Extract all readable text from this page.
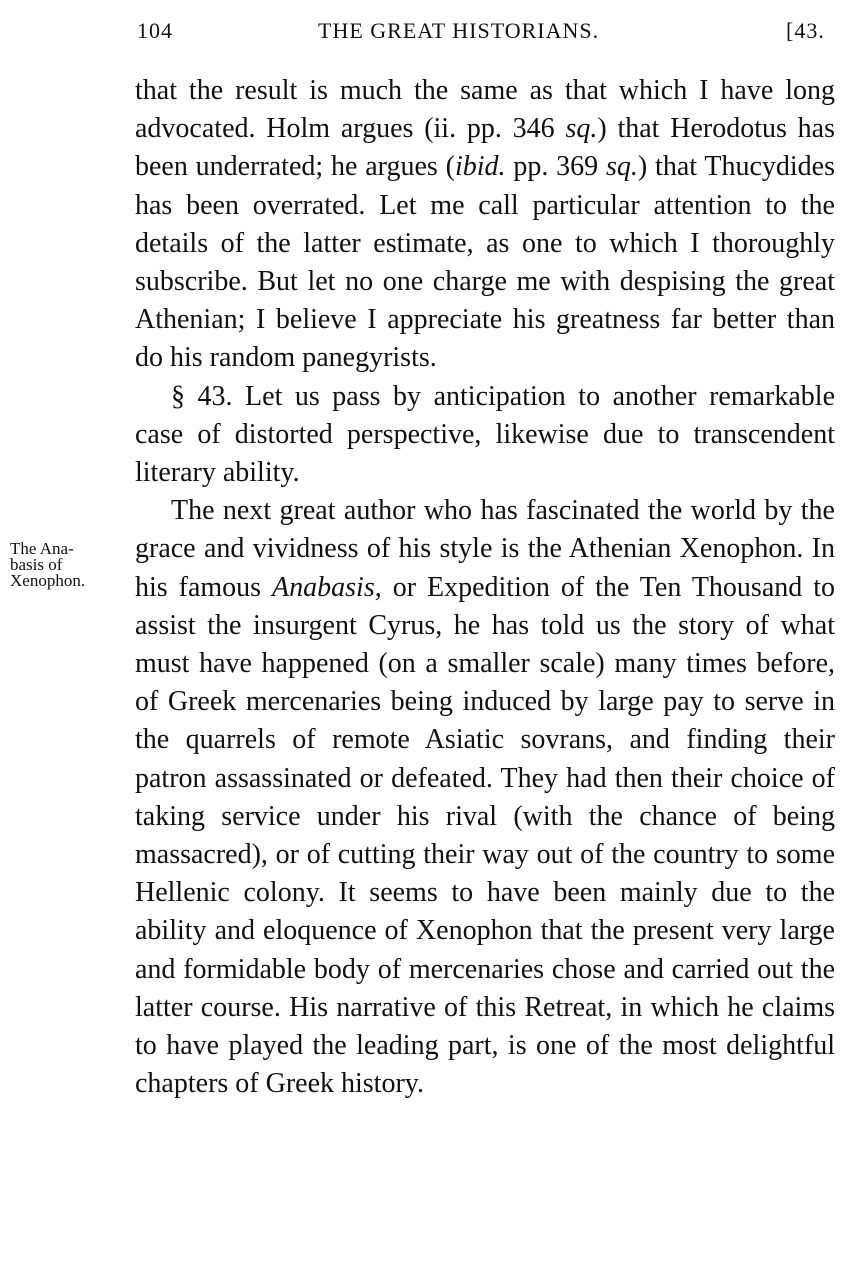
104	THE GREAT HISTORIANS.	[43.
The Ana-
basis of
Xenophon.

that the result is much the same as that which I have long advocated. Holm argues (ii. pp. 346 sq.) that Herodotus has been underrated; he argues (ibid. pp. 369 sq.) that Thucydides has been overrated. Let me call particular attention to the details of the latter estimate, as one to which I thoroughly subscribe. But let no one charge me with despising the great Athenian; I believe I appreciate his greatness far better than do his random panegyrists.

§ 43. Let us pass by anticipation to another remarkable case of distorted perspective, likewise due to transcendent literary ability.

The next great author who has fascinated the world by the grace and vividness of his style is the Athenian Xenophon. In his famous Anabasis, or Expedition of the Ten Thousand to assist the insurgent Cyrus, he has told us the story of what must have happened (on a smaller scale) many times before, of Greek mercenaries being induced by large pay to serve in the quarrels of remote Asiatic sovrans, and finding their patron assassinated or defeated. They had then their choice of taking service under his rival (with the chance of being massacred), or of cutting their way out of the country to some Hellenic colony. It seems to have been mainly due to the ability and eloquence of Xenophon that the present very large and formidable body of mercenaries chose and carried out the latter course. His narrative of this Retreat, in which he claims to have played the leading part, is one of the most delightful chapters of Greek history.
